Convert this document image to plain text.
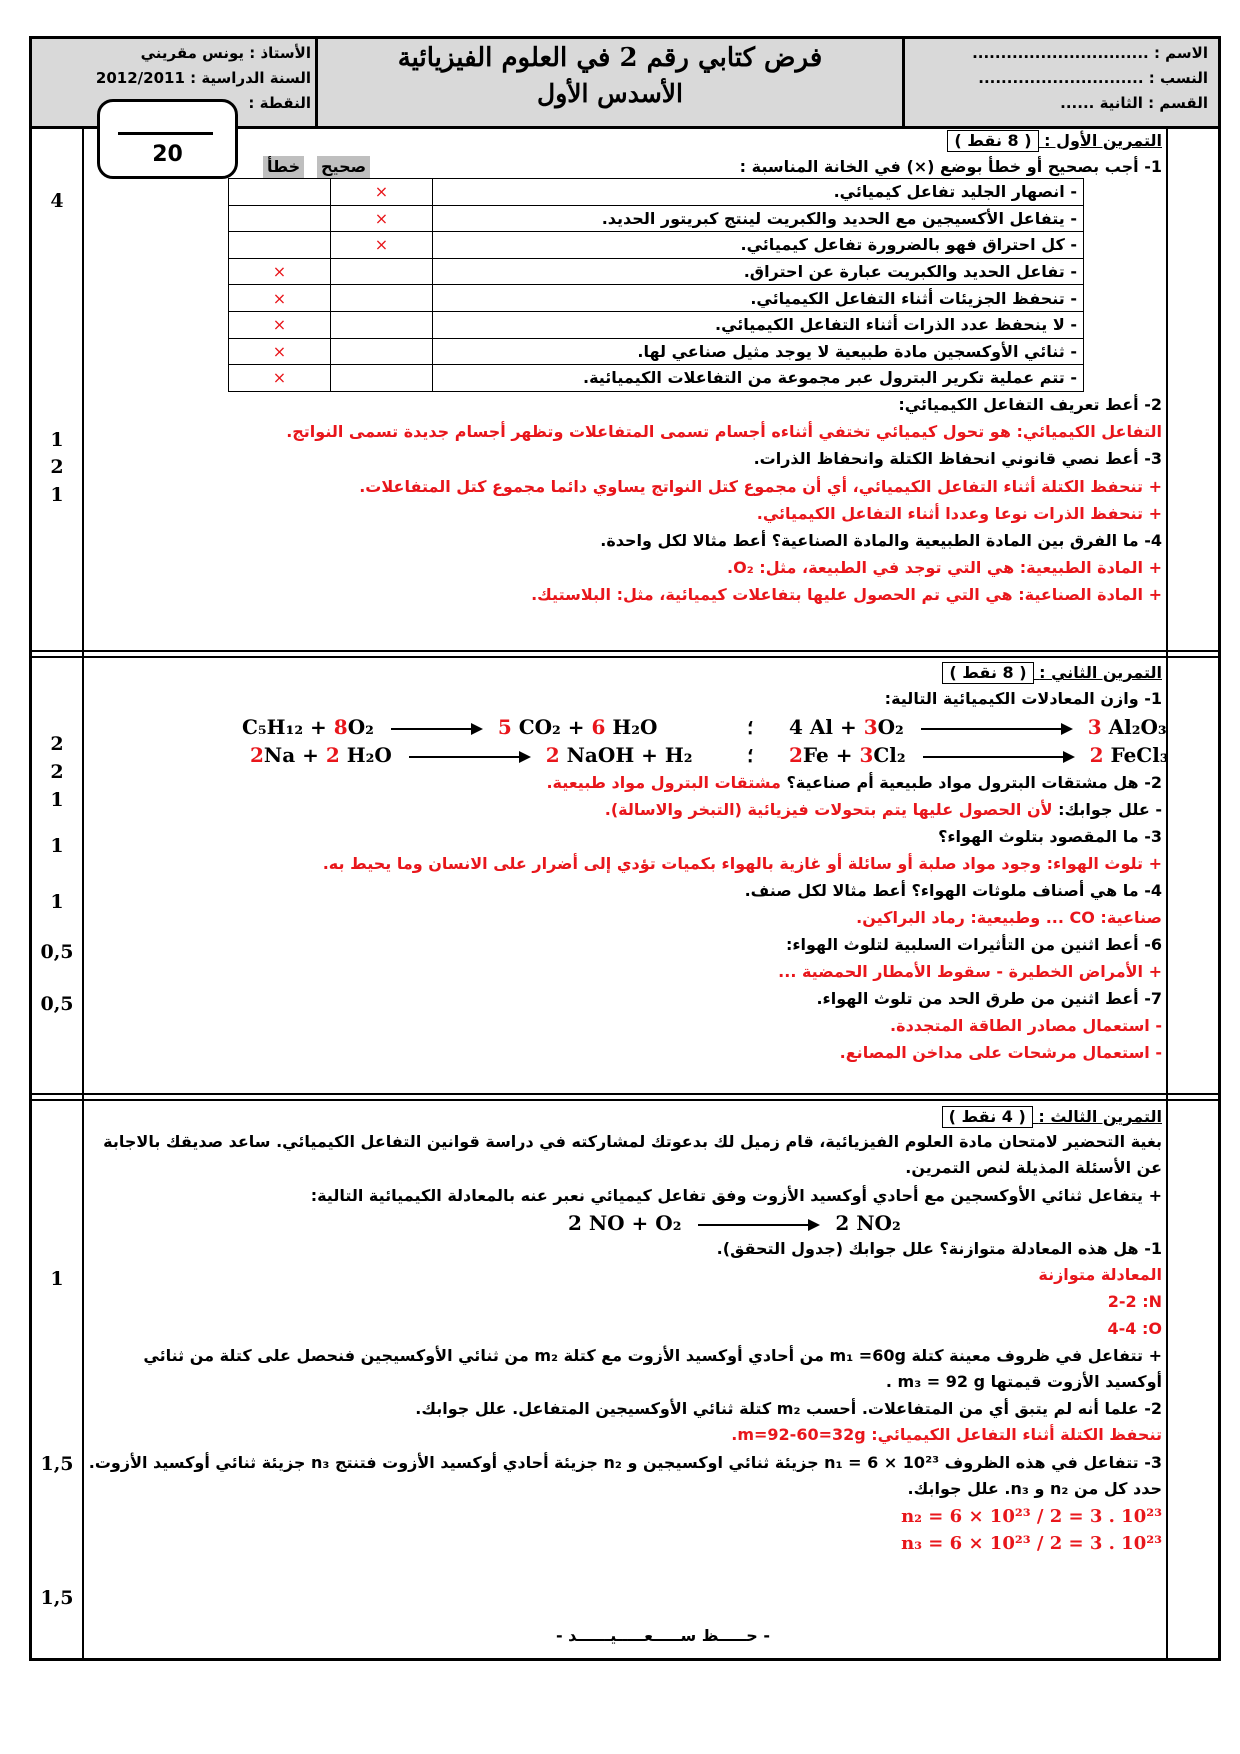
الاسم : ...............................
النسب : .............................
القسم : الثانية ......
فرض كتابي رقم 2 في العلوم الفيزيائية
الأسدس الأول
الأستاذ : يونس مقريني
السنة الدراسية : 2012/2011
النقطة :
20
4
1
2
1
التمرين الأول : ( 8 نقط )
1- أجب بصحيح أو خطأ بوضع (×) في الخانة المناسبة :
صحيح
خطأ
- انصهار الجليد تفاعل كيميائي.	×	
- يتفاعل الأكسيجين مع الحديد والكبريت لينتج كبريتور الحديد.	×	
- كل احتراق فهو بالضرورة تفاعل كيميائي.	×	
- تفاعل الحديد والكبريت عبارة عن احتراق.		×
- تنحفظ الجزيئات أثناء التفاعل الكيميائي.		×
- لا ينحفظ عدد الذرات أثناء التفاعل الكيميائي.		×
- ثنائي الأوكسجين مادة طبيعية لا يوجد مثيل صناعي لها.		×
- تتم عملية تكرير البترول عبر مجموعة من التفاعلات الكيميائية.		×
2- أعط تعريف التفاعل الكيميائي:
التفاعل الكيميائي: هو تحول كيميائي تختفي أثناءه أجسام تسمى المتفاعلات وتظهر أجسام جديدة تسمى النواتج.
3- أعط نصي قانوني انحفاظ الكتلة وانحفاظ الذرات.
+ تنحفظ الكتلة أثناء التفاعل الكيميائي، أي أن مجموع كتل النواتج يساوي دائما مجموع كتل المتفاعلات.
+ تنحفظ الذرات نوعا وعددا أثناء التفاعل الكيميائي.
4- ما الفرق بين المادة الطبيعية والمادة الصناعية؟ أعط مثالا لكل واحدة.
+ المادة الطبيعية: هي التي توجد في الطبيعة، مثل: O₂.
+ المادة الصناعية: هي التي تم الحصول عليها بتفاعلات كيميائية، مثل: البلاستيك.
2
2
1
1
1
0,5
0,5
التمرين الثاني : ( 8 نقط )
1- وازن المعادلات الكيميائية التالية:
C₅H₁₂ + 8O₂	5 CO₂ + 6 H₂O	؛ 4 Al + 3O₂	3 Al₂O₃
2Na + 2 H₂O	2 NaOH + H₂	؛ 2Fe + 3Cl₂	2 FeCl₃
2- هل مشتقات البترول مواد طبيعية أم صناعية؟ مشتقات البترول مواد طبيعية.
- علل جوابك: لأن الحصول عليها يتم بتحولات فيزيائية (التبخر والاسالة).
3- ما المقصود بتلوث الهواء؟
+ تلوث الهواء: وجود مواد صلبة أو سائلة أو غازية بالهواء بكميات تؤدي إلى أضرار على الانسان وما يحيط به.
4- ما هي أصناف ملوثات الهواء؟ أعط مثالا لكل صنف.
صناعية: CO ... وطبيعية: رماد البراكين.
6- أعط اثنين من التأثيرات السلبية لتلوث الهواء:
+ الأمراض الخطيرة - سقوط الأمطار الحمضية ...
7- أعط اثنين من طرق الحد من تلوث الهواء.
- استعمال مصادر الطاقة المتجددة.
- استعمال مرشحات على مداخن المصانع.
1
1,5
1,5
التمرين الثالث : ( 4 نقط )
بغية التحضير لامتحان مادة العلوم الفيزيائية، قام زميل لك بدعوتك لمشاركته في دراسة قوانين التفاعل الكيميائي. ساعد صديقك بالاجابة عن الأسئلة المذيلة لنص التمرين.
+ يتفاعل ثنائي الأوكسجين مع أحادي أوكسيد الأزوت وفق تفاعل كيميائي نعبر عنه بالمعادلة الكيميائية التالية:
2 NO + O₂	2 NO₂
1- هل هذه المعادلة متوازنة؟ علل جوابك (جدول التحقق).
المعادلة متوازنة
2-2 :N
4-4 :O
+ تتفاعل في ظروف معينة كتلة m₁ =60g من أحادي أوكسيد الأزوت مع كتلة m₂ من ثنائي الأوكسيجين فنحصل على كتلة من ثنائي أوكسيد الأزوت قيمتها m₃ = 92 g .
2- علما أنه لم يتبق أي من المتفاعلات. أحسب m₂ كتلة ثنائي الأوكسيجين المتفاعل. علل جوابك.
تنحفظ الكتلة أثناء التفاعل الكيميائي: m=92-60=32g.
3- تتفاعل في هذه الظروف n₁ = 6 × 10²³ جزيئة ثنائي اوكسيجين و n₂ جزيئة أحادي أوكسيد الأزوت فتنتج n₃ جزيئة ثنائي أوكسيد الأزوت. حدد كل من n₂ و n₃. علل جوابك.
n₂ = 6 × 10²³ / 2 = 3 . 10²³
n₃ = 6 × 10²³ / 2 = 3 . 10²³
- حـــــظ ســـــعـــــيــــــد -
